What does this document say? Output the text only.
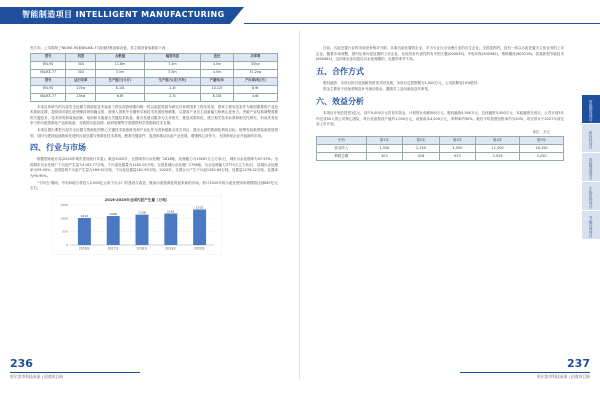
智能制造项目 INTELLIGENT MANUFACTURING
发方向，公司将制了NILIKE-90和NILIKE-77高速纤维直驱设备，其主要设备参数如下表：
型号	机型	点数量	幅宽纬度	直径	功率等
RN-90	304	11.6m	7.4m	4.5m	55kw
NILIKE-77	304	5.5m	5.5m	4.5m	31.2kw
型号	运行功率	生产能力(卡片)	生产能力(克/万米)	产量吨/年	产出率(吨/万)
RN-90	27kw	8-10t	2-4t	10-12t	6-9t
NILIKE-77	25kw	6-8t	2-3t	8-10t	4-6t

本项目所研究的污泥安全处置与资源化技术装备工程实现管理面向唯一的以泥泥资源为研究对象的国家工程实验室，国家工程实验室作为我国重要的产业技术基础支撑，提供面对我们处理保持规则确定的，被纳入国家中长期科学和技术发展规划纲要，以提高产业自主创新能力和核心竞争力，突破产业结构调整需要的关键技术，技术研发和装备创新，组织和实施重大关键技术装备，重点发展以服务为主对相关，推进成果转化，建立相关技术标准和相关性研究，形成具有竞争力的污泥资源化产品和装备，为我国污泥治理、政府管理等方面提供科学依据和技术支撑。

本项目提出要把污泥安全处置与资源化的核心关键技术装备研发和产业化作为国家级重点攻关项目，提出全面的资源化利用目标，统筹布局新型装备投放规划，同时为建设起创新和先进的污泥处置与资源化技术系统，配套关键部件，促进和推动污泥产业发展，增强核心竞争力，为国家和企业开创新的市场。

四、行业与市场

根据国家统计局(2020年城乡建设统计年鉴)，截至2020年，全国城市污水处理厂2618座，处理能力为19267万立方米/日，城市污水处理率为97.53%；全国城市污水处理厂干污泥产生量为1162.77万吨，干污泥处置量为1162.02万吨；全国县城污水处理厂1708座，污水处理能力3770万立方米/日，县城污水处理率为95.05%；全国县城干污泥产生量为169.92万吨，干污泥处置量161.99万吨。2020年，全国合计产生干污泥1332.69万吨，处置量1278.02万吨，处置率为95.90%。

"十四五"期间，中央和地方将投入2,000亿元用于污水厂的建设与改造，继而污泥资源化将迎来新的市场，预计2025年的污泥处理市场规模将达到867亿元左右。

2016-2020年全国污泥产生量（万吨）
1500
1000
500
0
1012
2016年
1086
2017年
1138
2018年
1181
2019年
1332
2020年

目前，污泥处置行业的市场竞争相对分散，从事污泥处置的企业，多为专业污水处理行业的衍生企业，全国范围内，没有一家以污泥处置为主营业务的上市企业，随着市场调整，国内从事污泥处置的上市企业，比较具有代表性的有中国天楹(000035)、中电环保(300362)、维格娜丝(603218)，依靠新型节能技术(600461)，这四家企业均是以污水处理期的，处置效率并不高。

五、合作方式

股权融资：本项目拟引进战略投资者共同发展，本项目总投资额为1,000万元，公司拟释放10%股份。

资金主要用于设备采购及补充流动资金，激励员工及向新品迭代研发。

六、效益分析

本项目计划总投资1亿元，其中5,000万元作首年资金，计划预计贡献500万元，股权融资4,500万元，总体融资3,500万元，本轮融资完成后，公司计划3年内完成50人的公司核心团队，每台设备预设产值约1,000万元，设备成本4,500万元，净利率约30%，税后平均投资回报率约为20%，项目预计于2027年前完成上市计划。

单位：万元
年份	第1年	第2年	第3年	第4年	第5年
营业收入	1,550	2,150	4,550	11,500	16,350
利税总额	303	418	923	2,026	3,250
智能制造项目
新材料项目
智能装备项目
生物医药项目
节能环保项目
236
哈尔滨市科技成果 | 招商项目册
237
哈尔滨市科技成果 | 招商项目册
